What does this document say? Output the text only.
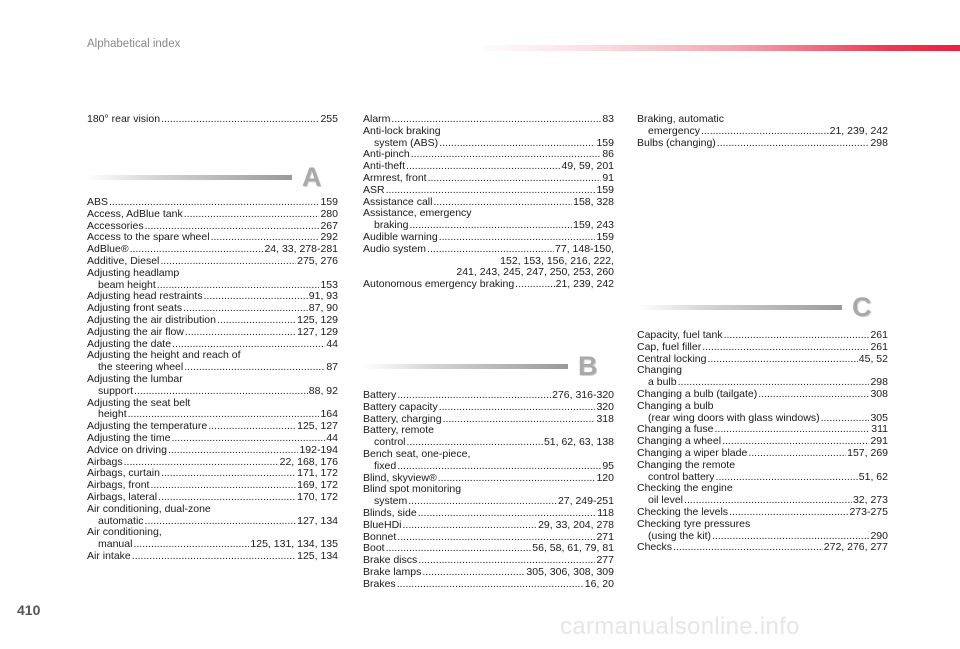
Alphabetical index
180° rear vision .....	255
A
ABS .....	159
Access, AdBlue tank .....	280
Accessories .....	267
Access to the spare wheel .....	292
AdBlue® .....	24, 33, 278-281
Additive, Diesel .....	275, 276
Adjusting headlamp
beam height .....	153
Adjusting head restraints .....	91, 93
Adjusting front seats .....	87, 90
Adjusting the air distribution .....	125, 129
Adjusting the air flow .....	127, 129
Adjusting the date .....	44
Adjusting the height and reach of
the steering wheel .....	87
Adjusting the lumbar
support .....	88, 92
Adjusting the seat belt
height .....	164
Adjusting the temperature .....	125, 127
Adjusting the time .....	44
Advice on driving .....	192-194
Airbags .....	22, 168, 176
Airbags, curtain .....	171, 172
Airbags, front .....	169, 172
Airbags, lateral .....	170, 172
Air conditioning, dual-zone
automatic .....	127, 134
Air conditioning,
manual .....	125, 131, 134, 135
Air intake .....	125, 134
Alarm .....	83
Anti-lock braking
system (ABS) .....	159
Anti-pinch .....	86
Anti-theft .....	49, 59, 201
Armrest, front .....	91
ASR .....	159
Assistance call .....	158, 328
Assistance, emergency
braking .....	159, 243
Audible warning .....	159
Audio system .....	77, 148-150,
152, 153, 156, 216, 222,
241, 243, 245, 247, 250, 253, 260
Autonomous emergency braking .....	21, 239, 242
B
Battery .....	276, 316-320
Battery capacity .....	320
Battery, charging .....	318
Battery, remote
control .....	51, 62, 63, 138
Bench seat, one-piece,
fixed .....	95
Blind, skyview® .....	120
Blind spot monitoring
system .....	27, 249-251
Blinds, side .....	118
BlueHDi .....	29, 33, 204, 278
Bonnet .....	271
Boot .....	56, 58, 61, 79, 81
Brake discs .....	277
Brake lamps .....	305, 306, 308, 309
Brakes .....	16, 20
Braking, automatic
emergency .....	21, 239, 242
Bulbs (changing) .....	298
C
Capacity, fuel tank .....	261
Cap, fuel filler .....	261
Central locking .....	45, 52
Changing
a bulb .....	298
Changing a bulb (tailgate) .....	308
Changing a bulb
(rear wing doors with glass windows) .....	305
Changing a fuse .....	311
Changing a wheel .....	291
Changing a wiper blade .....	157, 269
Changing the remote
control battery .....	51, 62
Checking the engine
oil level .....	32, 273
Checking the levels .....	273-275
Checking tyre pressures
(using the kit) .....	290
Checks .....	272, 276, 277
410
carmanualsonline.info
